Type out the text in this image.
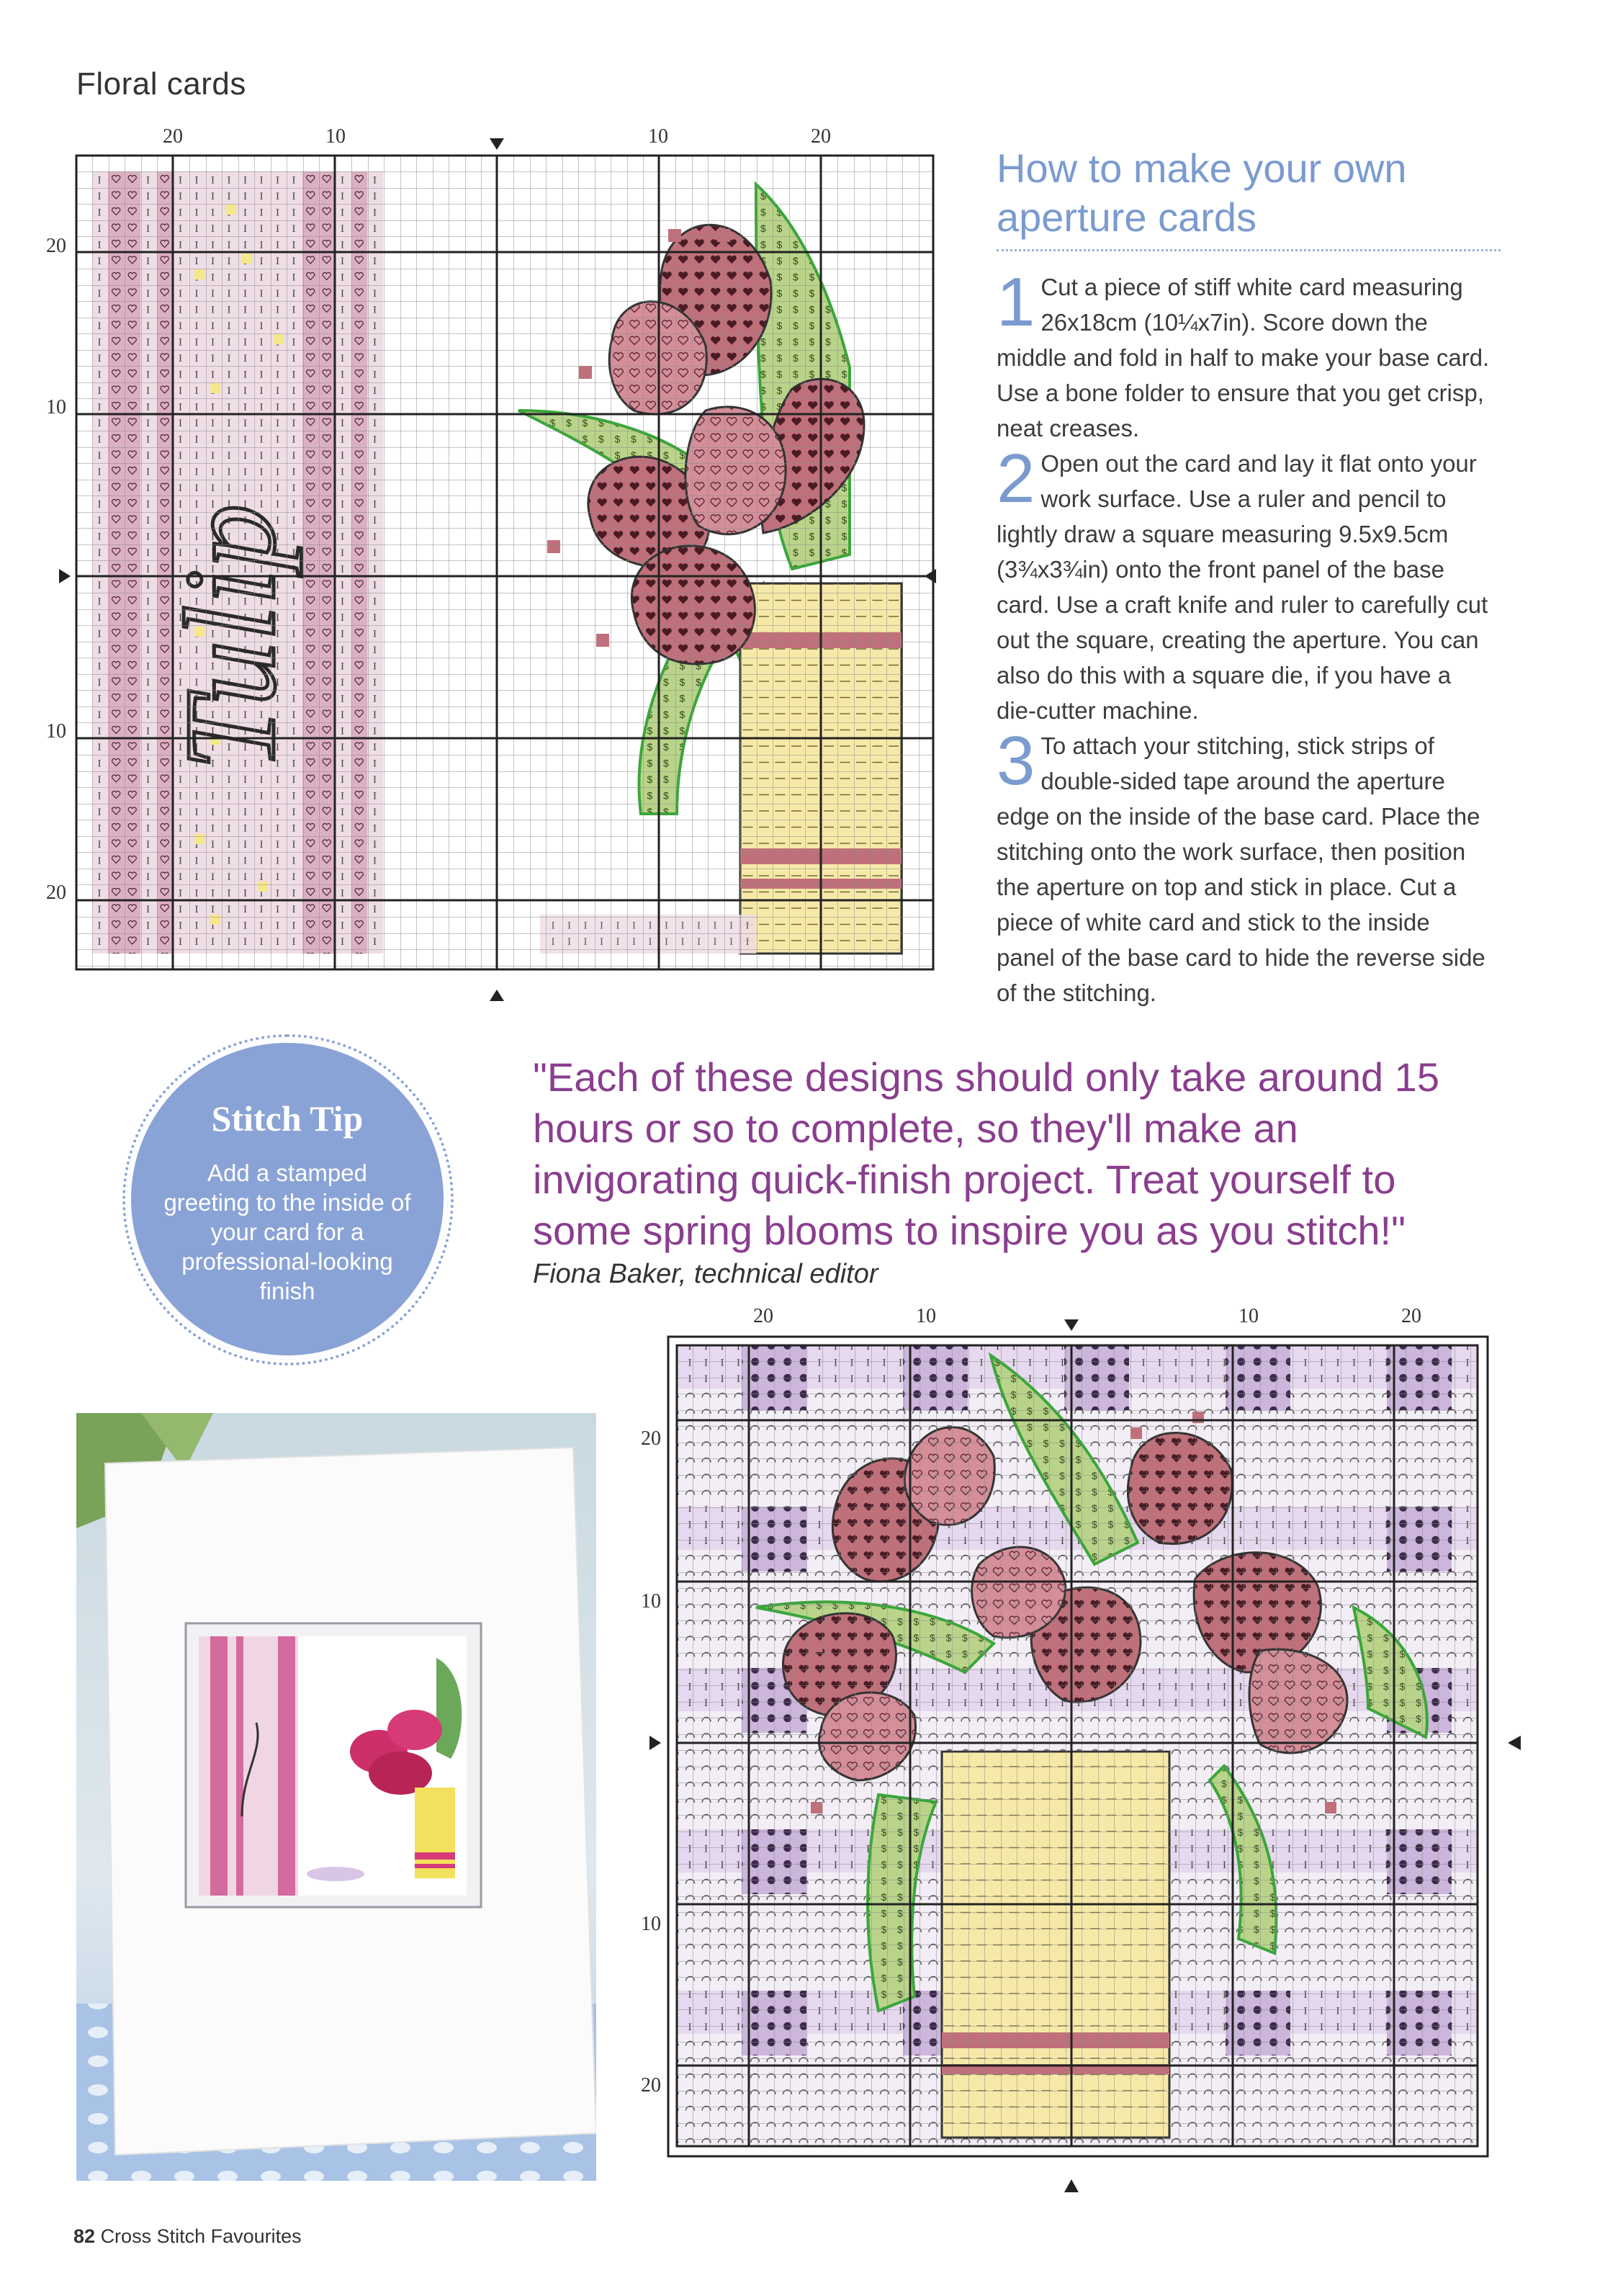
Floral cards
20	10	10	20
20
10
10
20
How to make your own aperture cards
1 Cut a piece of stiff white card measuring 26x18cm (10¼x7in). Score down the middle and fold in half to make your base card. Use a bone folder to ensure that you get crisp, neat creases.
2 Open out the card and lay it flat onto your work surface. Use a ruler and pencil to lightly draw a square measuring 9.5x9.5cm (3¾x3¾in) onto the front panel of the base card. Use a craft knife and ruler to carefully cut out the square, creating the aperture. You can also do this with a square die, if you have a die-cutter machine.
3 To attach your stitching, stick strips of double-sided tape around the aperture edge on the inside of the base card. Place the stitching onto the work surface, then position the aperture on top and stick in place. Cut a piece of white card and stick to the inside panel of the base card to hide the reverse side of the stitching.
Stitch Tip
Add a stamped greeting to the inside of your card for a professional-looking finish
"Each of these designs should only take around 15 hours or so to complete, so they'll make an invigorating quick-finish project. Treat yourself to some spring blooms to inspire you as you stitch!"
Fiona Baker, technical editor
20	10	10	20
20
10
10
20
82 Cross Stitch Favourites
